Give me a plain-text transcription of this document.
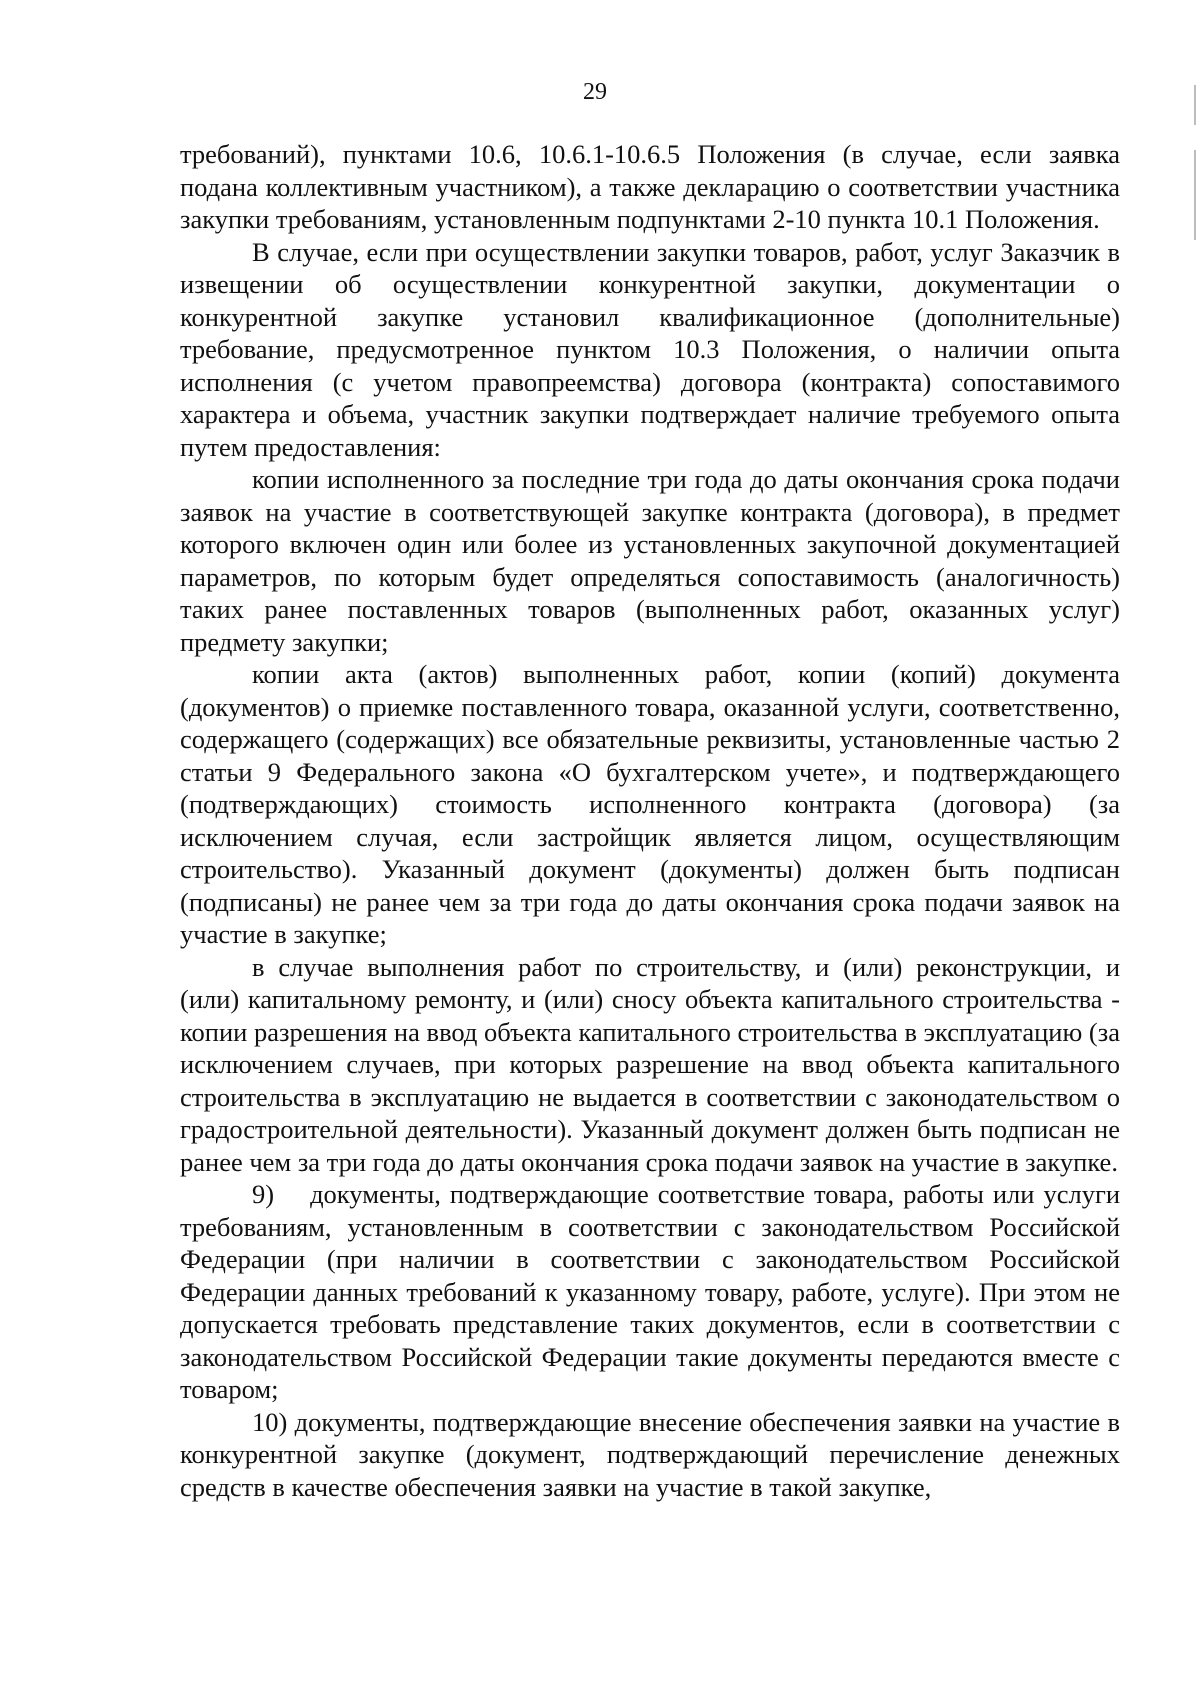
29

требований), пунктами 10.6, 10.6.1-10.6.5 Положения (в случае, если заявка подана коллективным участником), а также декларацию о соответствии участника закупки требованиям, установленным подпунктами 2-10 пункта 10.1 Положения.

В случае, если при осуществлении закупки товаров, работ, услуг Заказчик в извещении об осуществлении конкурентной закупки, документации о конкурентной закупке установил квалификационное (дополнительные) требование, предусмотренное пунктом 10.3 Положения, о наличии опыта исполнения (с учетом правопреемства) договора (контракта) сопоставимого характера и объема, участник закупки подтверждает наличие требуемого опыта путем предоставления:

копии исполненного за последние три года до даты окончания срока подачи заявок на участие в соответствующей закупке контракта (договора), в предмет которого включен один или более из установленных закупочной документацией параметров, по которым будет определяться сопоставимость (аналогичность) таких ранее поставленных товаров (выполненных работ, оказанных услуг) предмету закупки;

копии акта (актов) выполненных работ, копии (копий) документа (документов) о приемке поставленного товара, оказанной услуги, соответственно, содержащего (содержащих) все обязательные реквизиты, установленные частью 2 статьи 9 Федерального закона «О бухгалтерском учете», и подтверждающего (подтверждающих) стоимость исполненного контракта (договора) (за исключением случая, если застройщик является лицом, осуществляющим строительство). Указанный документ (документы) должен быть подписан (подписаны) не ранее чем за три года до даты окончания срока подачи заявок на участие в закупке;

в случае выполнения работ по строительству, и (или) реконструкции, и (или) капитальному ремонту, и (или) сносу объекта капитального строительства - копии разрешения на ввод объекта капитального строительства в эксплуатацию (за исключением случаев, при которых разрешение на ввод объекта капитального строительства в эксплуатацию не выдается в соответствии с законодательством о градостроительной деятельности). Указанный документ должен быть подписан не ранее чем за три года до даты окончания срока подачи заявок на участие в закупке.

9)    документы, подтверждающие соответствие товара, работы или услуги требованиям, установленным в соответствии с законодательством Российской Федерации (при наличии в соответствии с законодательством Российской Федерации данных требований к указанному товару, работе, услуге). При этом не допускается требовать представление таких документов, если в соответствии с законодательством Российской Федерации такие документы передаются вместе с товаром;

10) документы, подтверждающие внесение обеспечения заявки на участие в конкурентной закупке (документ, подтверждающий перечисление денежных средств в качестве обеспечения заявки на участие в такой закупке,
